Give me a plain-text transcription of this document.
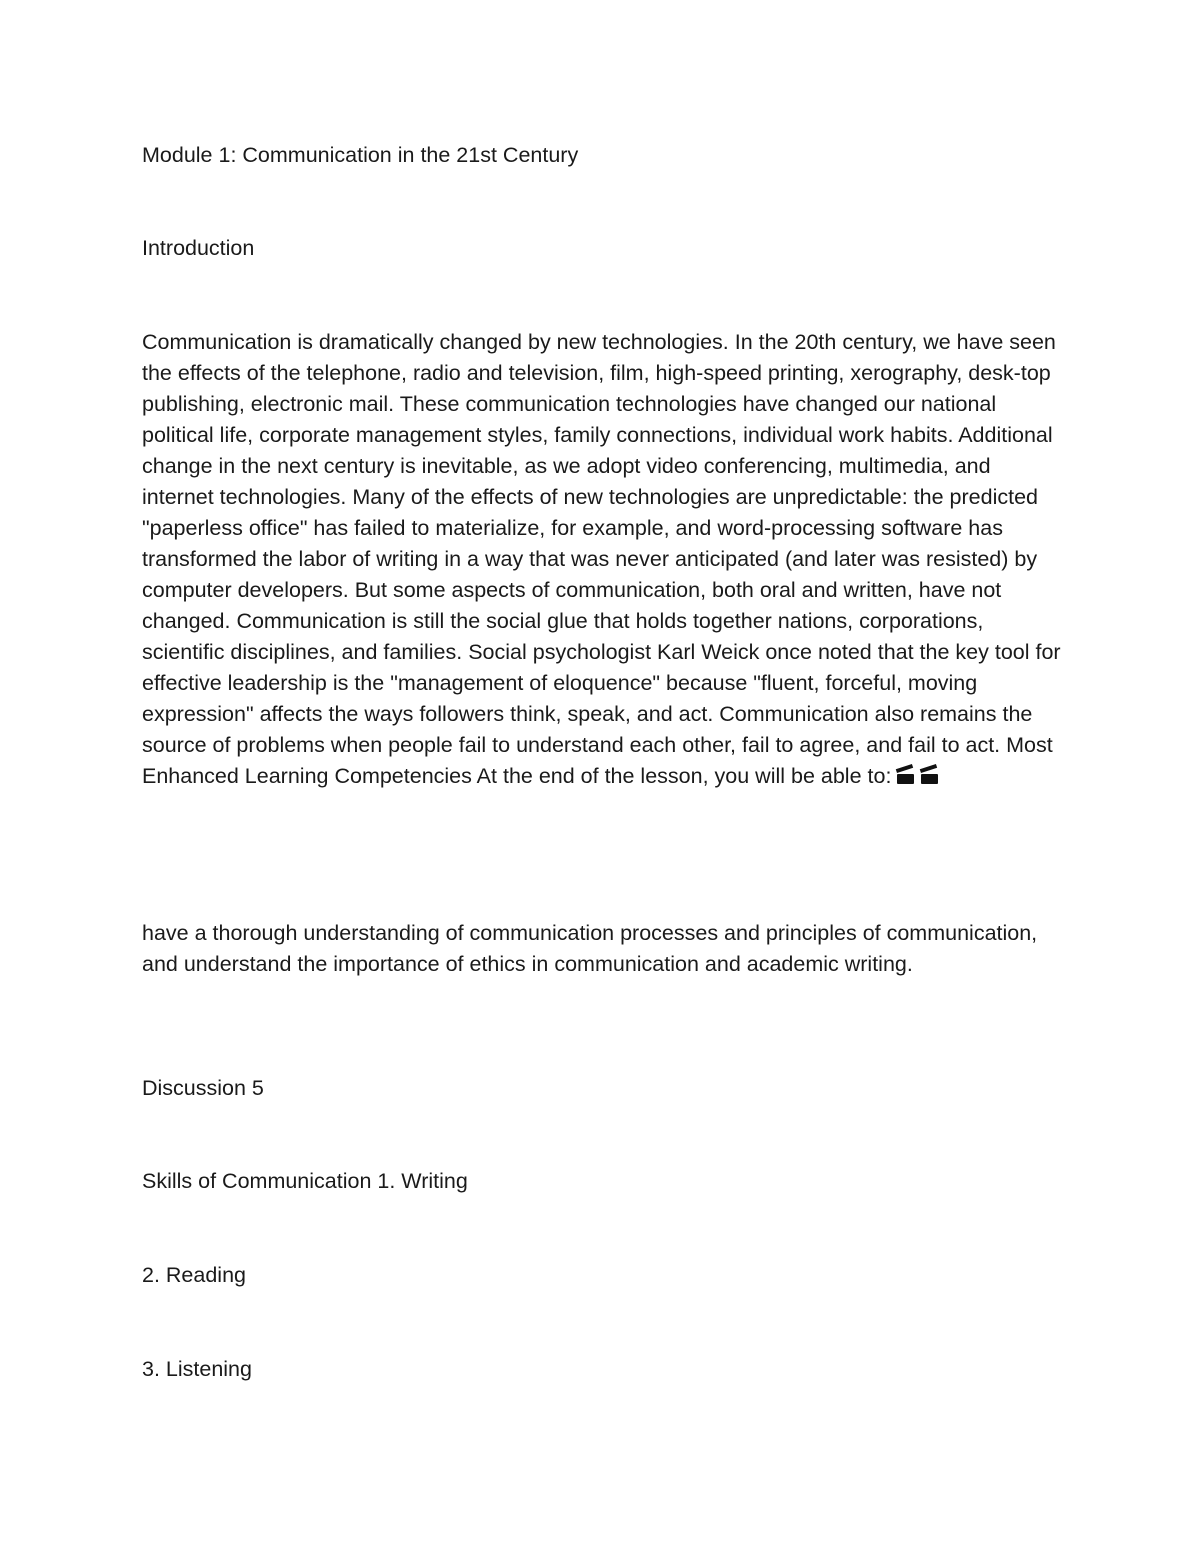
Module 1: Communication in the 21st Century

Introduction

Communication is dramatically changed by new technologies. In the 20th century, we have seen the effects of the telephone, radio and television, film, high-speed printing, xerography, desk-top publishing, electronic mail. These communication technologies have changed our national political life, corporate management styles, family connections, individual work habits. Additional change in the next century is inevitable, as we adopt video conferencing, multimedia, and internet technologies. Many of the effects of new technologies are unpredictable: the predicted "paperless office" has failed to materialize, for example, and word-processing software has transformed the labor of writing in a way that was never anticipated (and later was resisted) by computer developers. But some aspects of communication, both oral and written, have not changed. Communication is still the social glue that holds together nations, corporations, scientific disciplines, and families. Social psychologist Karl Weick once noted that the key tool for effective leadership is the "management of eloquence" because "fluent, forceful, moving expression" affects the ways followers think, speak, and act. Communication also remains the source of problems when people fail to understand each other, fail to agree, and fail to act. Most Enhanced Learning Competencies At the end of the lesson, you will be able to:

have a thorough understanding of communication processes and principles of communication, and understand the importance of ethics in communication and academic writing.

Discussion 5

Skills of Communication 1. Writing

2. Reading

3. Listening
